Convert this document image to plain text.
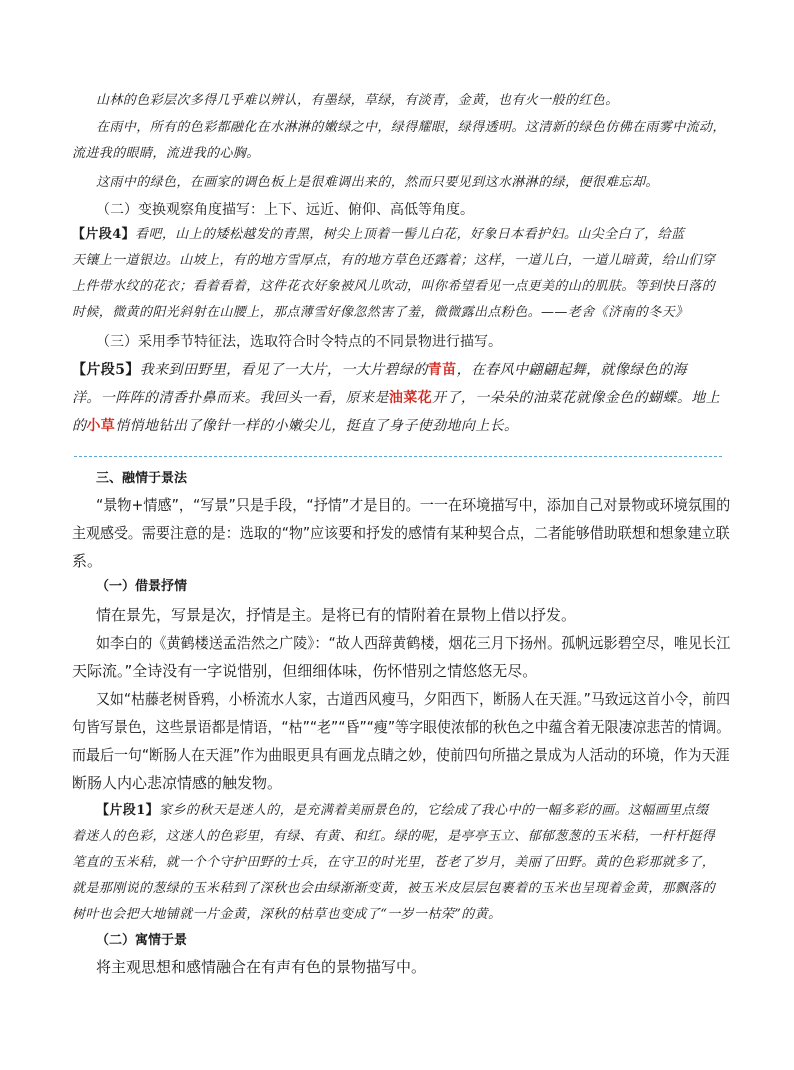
山林的色彩层次多得几乎难以辨认，有墨绿，草绿，有淡青，金黄，也有火一般的红色。

在雨中，所有的色彩都融化在水淋淋的嫩绿之中，绿得耀眼，绿得透明。这清新的绿色仿佛在雨雾中流动，

流进我的眼睛，流进我的心胸。

这雨中的绿色，在画家的调色板上是很难调出来的，然而只要见到这水淋淋的绿，便很难忘却。

（二）变换观察角度描写：上下、远近、俯仰、高低等角度。

【片段4】看吧，山上的矮松越发的青黑，树尖上顶着一髻儿白花，好象日本看护妇。山尖全白了，给蓝

天镶上一道银边。山坡上，有的地方雪厚点，有的地方草色还露着；这样，一道儿白，一道儿暗黄，给山们穿

上件带水纹的花衣；看着看着，这件花衣好象被风儿吹动，叫你希望看见一点更美的山的肌肤。等到快日落的

时候，微黄的阳光斜射在山腰上，那点薄雪好像忽然害了羞，微微露出点粉色。——老舍《济南的冬天》

（三）采用季节特征法，选取符合时令特点的不同景物进行描写。

【片段5】我来到田野里，看见了一大片，一大片碧绿的青苗，在春风中翩翩起舞，就像绿色的海

洋。一阵阵的清香扑鼻而来。我回头一看，原来是油菜花开了，一朵朵的油菜花就像金色的蝴蝶。地上

的小草悄悄地钻出了像针一样的小嫩尖儿，挺直了身子使劲地向上长。

三、融情于景法

“景物+情感”，“写景”只是手段，“抒情”才是目的。一一在环境描写中，添加自己对景物或环境氛围的

主观感受。需要注意的是：选取的“物”应该要和抒发的感情有某种契合点，二者能够借助联想和想象建立联

系。

（一）借景抒情

情在景先，写景是次，抒情是主。是将已有的情附着在景物上借以抒发。

如李白的《黄鹤楼送孟浩然之广陵》：“故人西辞黄鹤楼，烟花三月下扬州。孤帆远影碧空尽，唯见长江

天际流。”全诗没有一字说惜别，但细细体味，伤怀惜别之情悠悠无尽。

又如“枯藤老树昏鸦，小桥流水人家，古道西风瘦马，夕阳西下，断肠人在天涯。”马致远这首小令，前四

句皆写景色，这些景语都是情语，“枯”“老”“昏”“瘦”等字眼使浓郁的秋色之中蕴含着无限凄凉悲苦的情调。

而最后一句“断肠人在天涯”作为曲眼更具有画龙点睛之妙，使前四句所描之景成为人活动的环境，作为天涯

断肠人内心悲凉情感的触发物。

【片段1】家乡的秋天是迷人的，是充满着美丽景色的，它绘成了我心中的一幅多彩的画。这幅画里点缀

着迷人的色彩，这迷人的色彩里，有绿、有黄、和红。绿的呢，是亭亭玉立、郁郁葱葱的玉米秸，一杆杆挺得

笔直的玉米秸，就一个个守护田野的士兵，在守卫的时光里，苍老了岁月，美丽了田野。黄的色彩那就多了，

就是那刚说的葱绿的玉米秸到了深秋也会由绿渐渐变黄，被玉米皮层层包裹着的玉米也呈现着金黄，那飘落的

树叶也会把大地铺就一片金黄，深秋的枯草也变成了“一岁一枯荣”的黄。

（二）寓情于景

将主观思想和感情融合在有声有色的景物描写中。
